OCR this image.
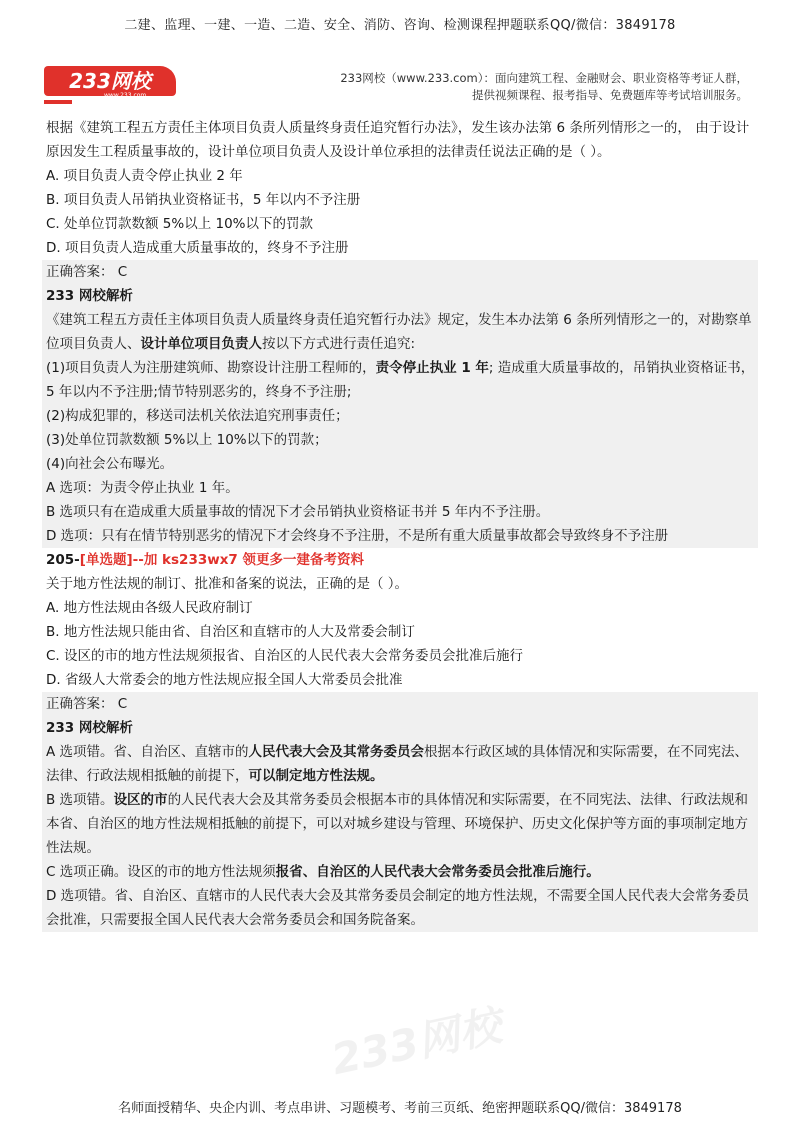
二建、监理、一建、一造、二造、安全、消防、咨询、检测课程押题联系QQ/微信：3849178
233网校
www.233.com
233网校（www.233.com）：面向建筑工程、金融财会、职业资格等考证人群，
提供视频课程、报考指导、免费题库等考试培训服务。

根据《建筑工程五方责任主体项目负责人质量终身责任追究暂行办法》，发生该办法第 6 条所列情形之一的， 由于设计原因发生工程质量事故的，设计单位项目负责人及设计单位承担的法律责任说法正确的是（ ）。

A. 项目负责人责令停止执业 2 年

B. 项目负责人吊销执业资格证书，5 年以内不予注册

C. 处单位罚款数额 5%以上 10%以下的罚款

D. 项目负责人造成重大质量事故的，终身不予注册

正确答案： C

233 网校解析

《建筑工程五方责任主体项目负责人质量终身责任追究暂行办法》规定，发生本办法第 6 条所列情形之一的，对勘察单位项目负责人、设计单位项目负责人按以下方式进行责任追究:

(1)项目负责人为注册建筑师、勘察设计注册工程师的，责令停止执业 1 年; 造成重大质量事故的，吊销执业资格证书， 5 年以内不予注册;情节特别恶劣的，终身不予注册;

(2)构成犯罪的，移送司法机关依法追究刑事责任；

(3)处单位罚款数额 5%以上 10%以下的罚款；

(4)向社会公布曝光。

A 选项：为责令停止执业 1 年。

B 选项只有在造成重大质量事故的情况下才会吊销执业资格证书并 5 年内不予注册。

D 选项：只有在情节特别恶劣的情况下才会终身不予注册，不是所有重大质量事故都会导致终身不予注册

205-[单选题]--加 ks233wx7 领更多一建备考资料

关于地方性法规的制订、批准和备案的说法，正确的是（ ）。

A. 地方性法规由各级人民政府制订

B. 地方性法规只能由省、自治区和直辖市的人大及常委会制订

C. 设区的市的地方性法规须报省、自治区的人民代表大会常务委员会批准后施行

D. 省级人大常委会的地方性法规应报全国人大常委员会批准

正确答案： C

233 网校解析

A 选项错。省、自治区、直辖市的人民代表大会及其常务委员会根据本行政区域的具体情况和实际需要，在不同宪法、法律、行政法规相抵触的前提下，可以制定地方性法规。

B 选项错。设区的市的人民代表大会及其常务委员会根据本市的具体情况和实际需要，在不同宪法、法律、行政法规和本省、自治区的地方性法规相抵触的前提下，可以对城乡建设与管理、环境保护、历史文化保护等方面的事项制定地方性法规。

C 选项正确。设区的市的地方性法规须报省、自治区的人民代表大会常务委员会批准后施行。

D 选项错。省、自治区、直辖市的人民代表大会及其常务委员会制定的地方性法规，不需要全国人民代表大会常务委员会批准，只需要报全国人民代表大会常务委员会和国务院备案。

233网校
名师面授精华、央企内训、考点串讲、习题模考、考前三页纸、绝密押题联系QQ/微信：3849178
